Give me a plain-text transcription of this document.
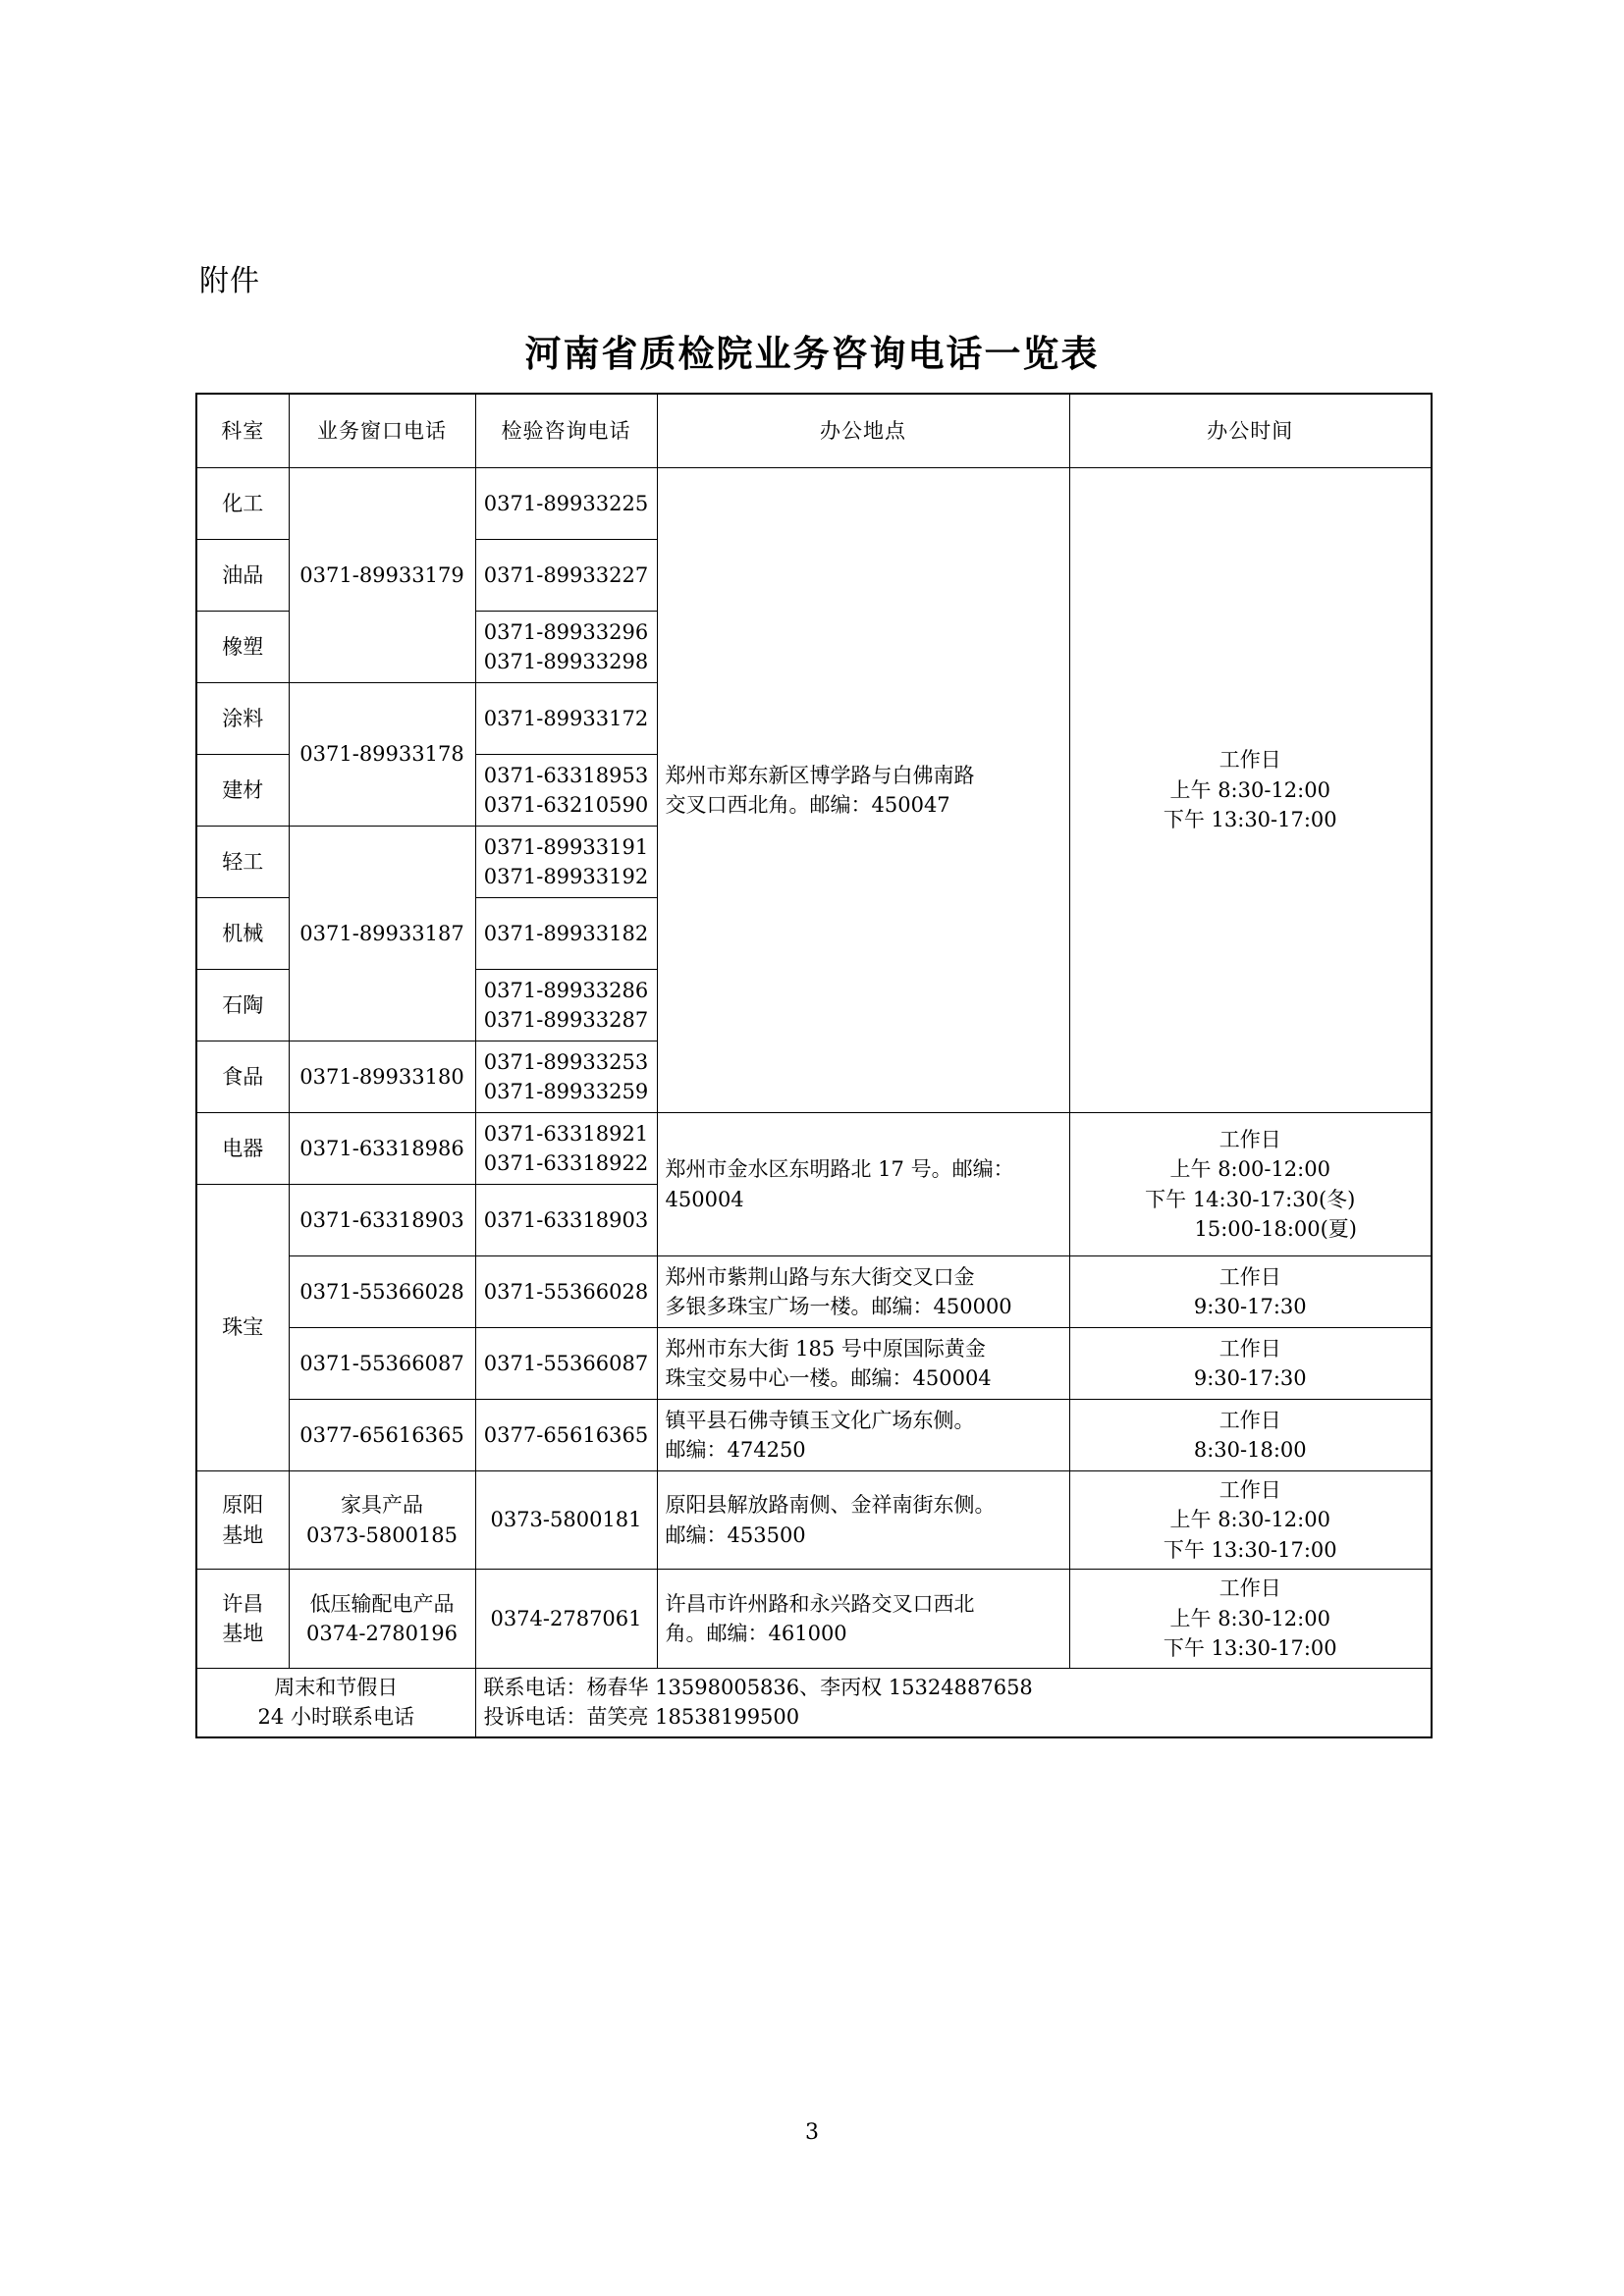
附件
河南省质检院业务咨询电话一览表
科室	业务窗口电话	检验咨询电话	办公地点	办公时间
化工	0371-89933179	0371-89933225	郑州市郑东新区博学路与白佛南路
交叉口西北角。邮编：450047	工作日
上午 8:30-12:00
下午 13:30-17:00

油品		0371-89933227		
橡塑		0371-89933296
0371-89933298		

涂料	0371-89933178	0371-89933172		
建材		0371-63318953
0371-63210590		

轻工	0371-89933187	0371-89933191
0371-89933192		

机械		0371-89933182		
石陶		0371-89933286
0371-89933287		

食品	0371-89933180	0371-89933253
0371-89933259		

电器	0371-63318986	0371-63318921
0371-63318922	郑州市金水区东明路北 17 号。邮编：
450004	工作日
上午 8:00-12:00
下午 14:30-17:30(冬)
15:00-18:00(夏)

珠宝	0371-63318903	0371-63318903		
	0371-55366028	0371-55366028	郑州市紫荆山路与东大街交叉口金
多银多珠宝广场一楼。邮编：450000	工作日
9:30-17:30

	0371-55366087	0371-55366087	郑州市东大街 185 号中原国际黄金
珠宝交易中心一楼。邮编：450004	工作日
9:30-17:30

	0377-65616365	0377-65616365	镇平县石佛寺镇玉文化广场东侧。
邮编：474250	工作日
8:30-18:00

原阳
基地	家具产品
0373-5800185	0373-5800181	原阳县解放路南侧、金祥南街东侧。
邮编：453500	工作日
上午 8:30-12:00
下午 13:30-17:00

许昌
基地	低压输配电产品
0374-2780196	0374-2787061	许昌市许州路和永兴路交叉口西北
角。邮编：461000	工作日
上午 8:30-12:00
下午 13:30-17:00

周末和节假日
24 小时联系电话		联系电话：杨春华 13598005836、李丙权 15324887658
投诉电话：苗笑亮 18538199500		
3
